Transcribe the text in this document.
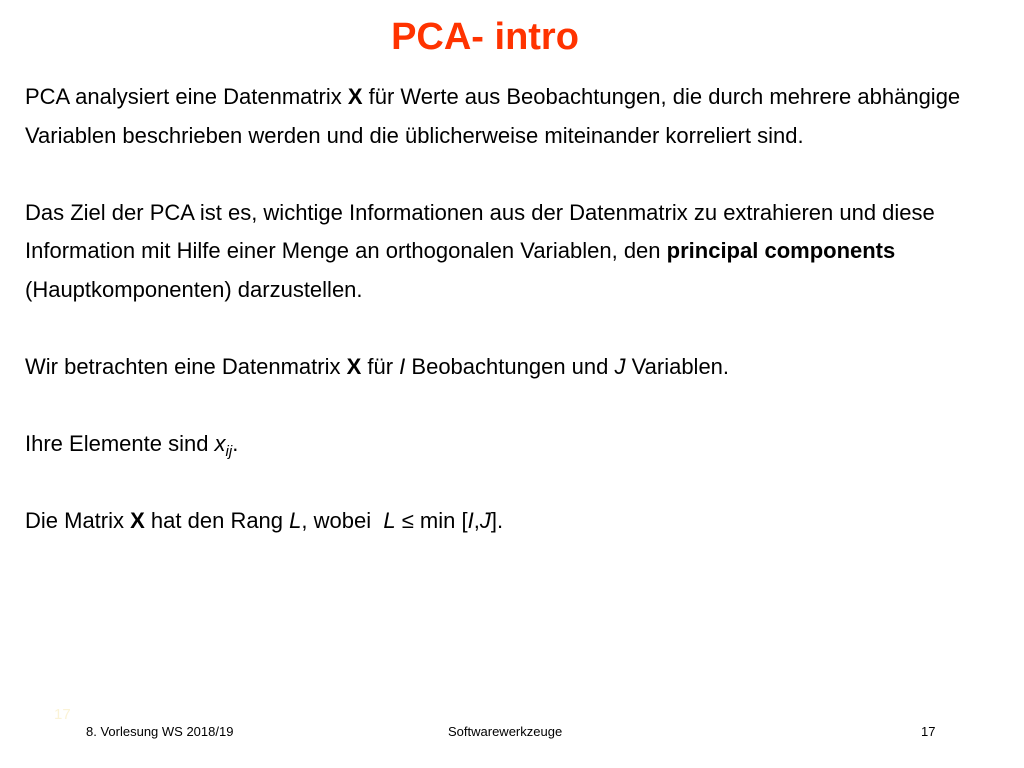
PCA- intro

PCA analysiert eine Datenmatrix X für Werte aus Beobachtungen, die durch mehrere abhängige Variablen beschrieben werden und die üblicherweise miteinander korreliert sind.

Das Ziel der PCA ist es, wichtige Informationen aus der Datenmatrix zu extrahieren und diese Information mit Hilfe einer Menge an orthogonalen Variablen, den principal components (Hauptkomponenten) darzustellen.

Wir betrachten eine Datenmatrix X für I Beobachtungen und J Variablen.

Ihre Elemente sind $x_{ij}$.

Die Matrix X hat den Rang L, wobei  L ≤ min [I,J].

17
8. Vorlesung WS 2018/19	Softwarewerkzeuge	17
